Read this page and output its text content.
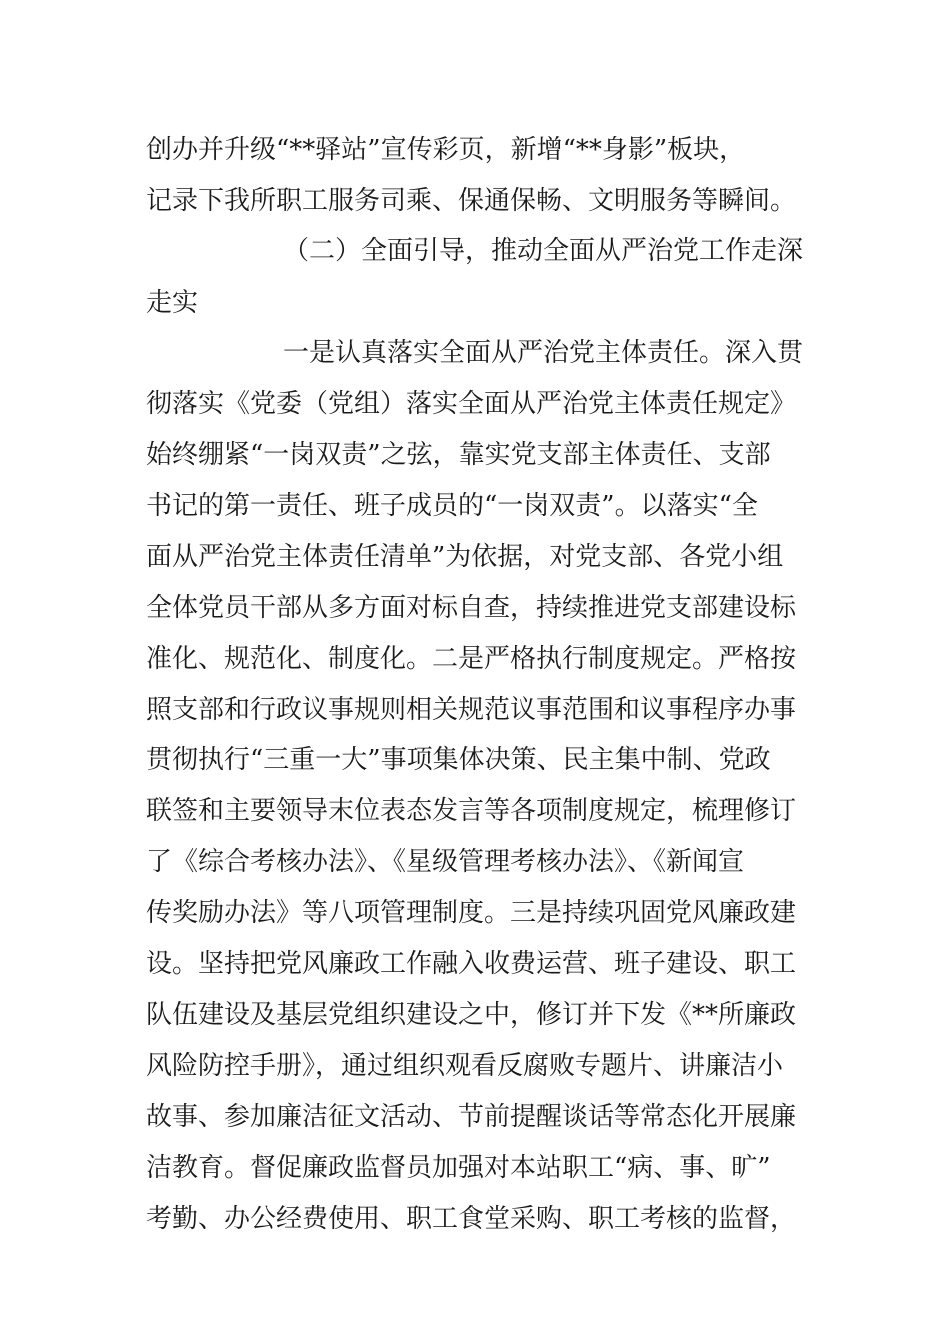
创办并升级“**驿站”宣传彩页，新增“**身影”板块，
记录下我所职工服务司乘、保通保畅、文明服务等瞬间。
（二）全面引导，推动全面从严治党工作走深
走实
一是认真落实全面从严治党主体责任。深入贯
彻落实《党委（党组）落实全面从严治党主体责任规定》
始终绷紧“一岗双责”之弦，靠实党支部主体责任、支部
书记的第一责任、班子成员的“一岗双责”。以落实“全
面从严治党主体责任清单”为依据，对党支部、各党小组
全体党员干部从多方面对标自查，持续推进党支部建设标
准化、规范化、制度化。二是严格执行制度规定。严格按
照支部和行政议事规则相关规范议事范围和议事程序办事
贯彻执行“三重一大”事项集体决策、民主集中制、党政
联签和主要领导末位表态发言等各项制度规定，梳理修订
了《综合考核办法》、《星级管理考核办法》、《新闻宣
传奖励办法》等八项管理制度。三是持续巩固党风廉政建
设。坚持把党风廉政工作融入收费运营、班子建设、职工
队伍建设及基层党组织建设之中，修订并下发《**所廉政
风险防控手册》，通过组织观看反腐败专题片、讲廉洁小
故事、参加廉洁征文活动、节前提醒谈话等常态化开展廉
洁教育。督促廉政监督员加强对本站职工“病、事、旷”
考勤、办公经费使用、职工食堂采购、职工考核的监督，
